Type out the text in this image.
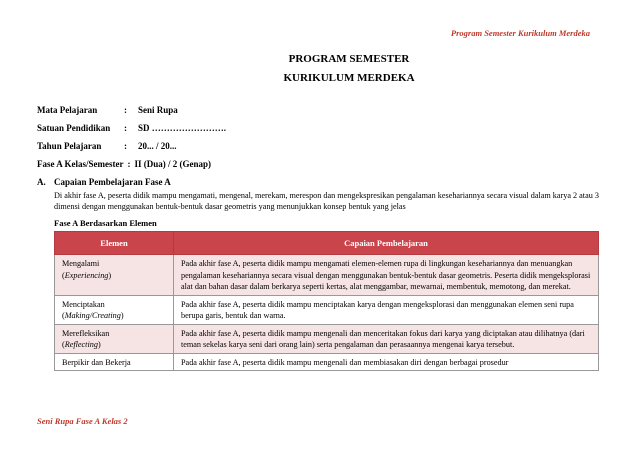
Program Semester Kurikulum Merdeka
PROGRAM SEMESTER
KURIKULUM MERDEKA
Mata Pelajaran	:	Seni Rupa
Satuan Pendidikan	:	SD …………………….
Tahun Pelajaran	:	20... / 20...
Fase A Kelas/Semester : II (Dua) / 2 (Genap)
A. Capaian Pembelajaran Fase A
Di akhir fase A, peserta didik mampu mengamati, mengenal, merekam, merespon dan mengekspresikan pengalaman kesehariannya secara visual dalam karya 2 atau 3 dimensi dengan menggunakan bentuk-bentuk dasar geometris yang menunjukkan konsep bentuk yang jelas
Fase A Berdasarkan Elemen
Elemen	Capaian Pembelajaran
Mengalami
(Experiencing)	Pada akhir fase A, peserta didik mampu mengamati elemen-elemen rupa di lingkungan kesehariannya dan menuangkan pengalaman kesehariannya secara visual dengan menggunakan bentuk-bentuk dasar geometris. Peserta didik mengeksplorasi alat dan bahan dasar dalam berkarya seperti kertas, alat menggambar, mewarnai, membentuk, memotong, dan merekat.
Menciptakan
(Making/Creating)	Pada akhir fase A, peserta didik mampu menciptakan karya dengan mengeksplorasi dan menggunakan elemen seni rupa berupa garis, bentuk dan warna.
Merefleksikan
(Reflecting)	Pada akhir fase A, peserta didik mampu mengenali dan menceritakan fokus dari karya yang diciptakan atau dilihatnya (dari teman sekelas karya seni dari orang lain) serta pengalaman dan perasaannya mengenai karya tersebut.
Berpikir dan Bekerja	Pada akhir fase A, peserta didik mampu mengenali dan membiasakan diri dengan berbagai prosedur
Seni Rupa Fase A Kelas 2
